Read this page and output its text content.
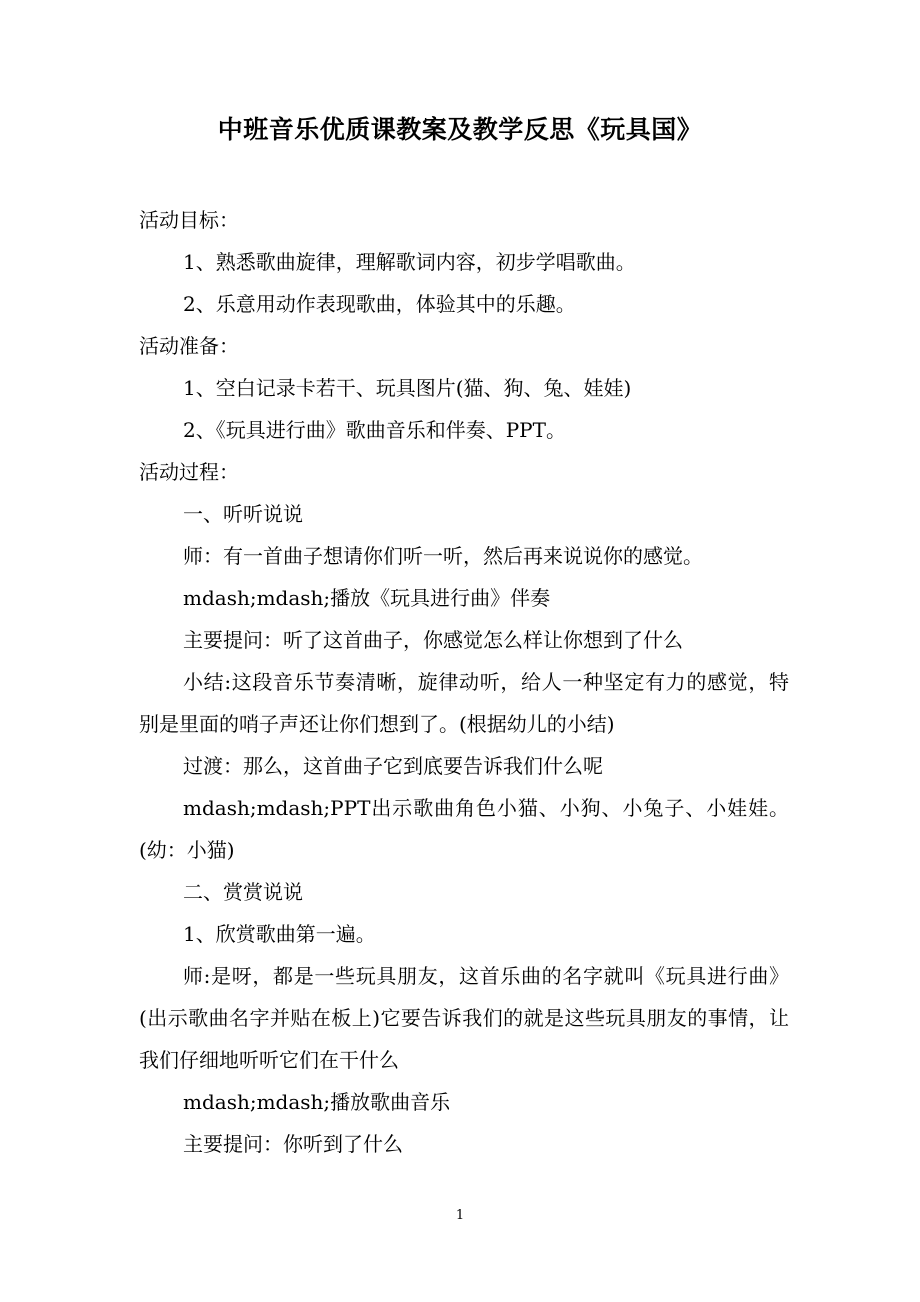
中班音乐优质课教案及教学反思《玩具国》

活动目标：

1、熟悉歌曲旋律，理解歌词内容，初步学唱歌曲。

2、乐意用动作表现歌曲，体验其中的乐趣。

活动准备：

1、空白记录卡若干、玩具图片(猫、狗、兔、娃娃)

2、《玩具进行曲》歌曲音乐和伴奏、PPT。

活动过程：

一、听听说说

师：有一首曲子想请你们听一听，然后再来说说你的感觉。

mdash;mdash;播放《玩具进行曲》伴奏

主要提问：听了这首曲子，你感觉怎么样让你想到了什么

小结:这段音乐节奏清晰，旋律动听，给人一种坚定有力的感觉，特别是里面的哨子声还让你们想到了。(根据幼儿的小结)

过渡：那么，这首曲子它到底要告诉我们什么呢

mdash;mdash;PPT出示歌曲角色小猫、小狗、小兔子、小娃娃。(幼：小猫)

二、赏赏说说

1、欣赏歌曲第一遍。

师:是呀，都是一些玩具朋友，这首乐曲的名字就叫《玩具进行曲》(出示歌曲名字并贴在板上)它要告诉我们的就是这些玩具朋友的事情，让我们仔细地听听它们在干什么

mdash;mdash;播放歌曲音乐

主要提问：你听到了什么

1
